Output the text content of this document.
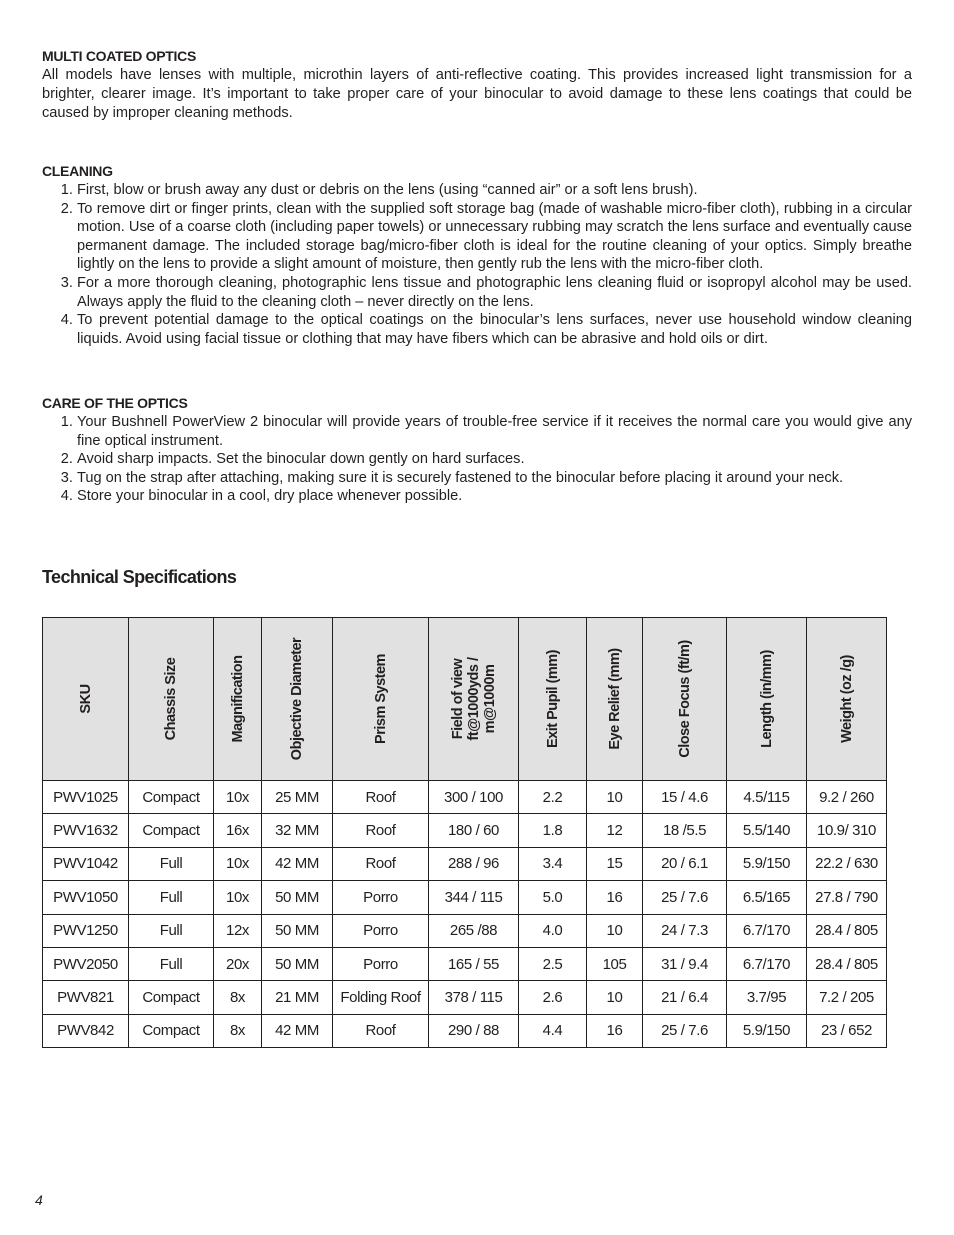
MULTI COATED OPTICS

All models have lenses with multiple, microthin layers of anti-reflective coating. This provides increased light transmission for a brighter, clearer image. It’s important to take proper care of your binocular to avoid damage to these lens coatings that could be caused by improper cleaning methods.

CLEANING
1. First, blow or brush away any dust or debris on the lens (using “canned air” or a soft lens brush).
2. To remove dirt or finger prints, clean with the supplied soft storage bag (made of washable micro-fiber cloth), rubbing in a circular motion. Use of a coarse cloth (including paper towels) or unnecessary rubbing may scratch the lens surface and eventually cause permanent damage. The included storage bag/micro-fiber cloth is ideal for the routine cleaning of your optics. Simply breathe lightly on the lens to provide a slight amount of moisture, then gently rub the lens with the micro-fiber cloth.
3. For a more thorough cleaning, photographic lens tissue and photographic lens cleaning fluid or isopropyl alcohol may be used. Always apply the fluid to the cleaning cloth – never directly on the lens.
4. To prevent potential damage to the optical coatings on the binocular’s lens surfaces, never use household window cleaning liquids. Avoid using facial tissue or clothing that may have fibers which can be abrasive and hold oils or dirt.
CARE OF THE OPTICS
1. Your Bushnell PowerView 2 binocular will provide years of trouble-free service if it receives the normal care you would give any fine optical instrument.
2. Avoid sharp impacts. Set the binocular down gently on hard surfaces.
3. Tug on the strap after attaching, making sure it is securely fastened to the binocular before placing it around your neck.
4. Store your binocular in a cool, dry place whenever possible.
Technical Specifications
SKU	Chassis Size	Magnification	Objective Diameter	Prism System	Field of view ft@1000yds / m@1000m	Exit Pupil (mm)	Eye Relief (mm)	Close Focus (ft/m)	Length (in/mm)	Weight (oz /g)

PWV1025	Compact	10x	25 MM	Roof	300 / 100	2.2	10	15 / 4.6	4.5/115	9.2 / 260
PWV1632	Compact	16x	32 MM	Roof	180 / 60	1.8	12	18 /5.5	5.5/140	10.9/ 310
PWV1042	Full	10x	42 MM	Roof	288 / 96	3.4	15	20 / 6.1	5.9/150	22.2 / 630
PWV1050	Full	10x	50 MM	Porro	344 / 115	5.0	16	25 / 7.6	6.5/165	27.8 / 790
PWV1250	Full	12x	50 MM	Porro	265 /88	4.0	10	24 / 7.3	6.7/170	28.4 / 805
PWV2050	Full	20x	50 MM	Porro	165 / 55	2.5	105	31 / 9.4	6.7/170	28.4 / 805
PWV821	Compact	8x	21 MM	Folding Roof	378 / 115	2.6	10	21 / 6.4	3.7/95	7.2 / 205
PWV842	Compact	8x	42 MM	Roof	290 / 88	4.4	16	25 / 7.6	5.9/150	23 / 652
4
